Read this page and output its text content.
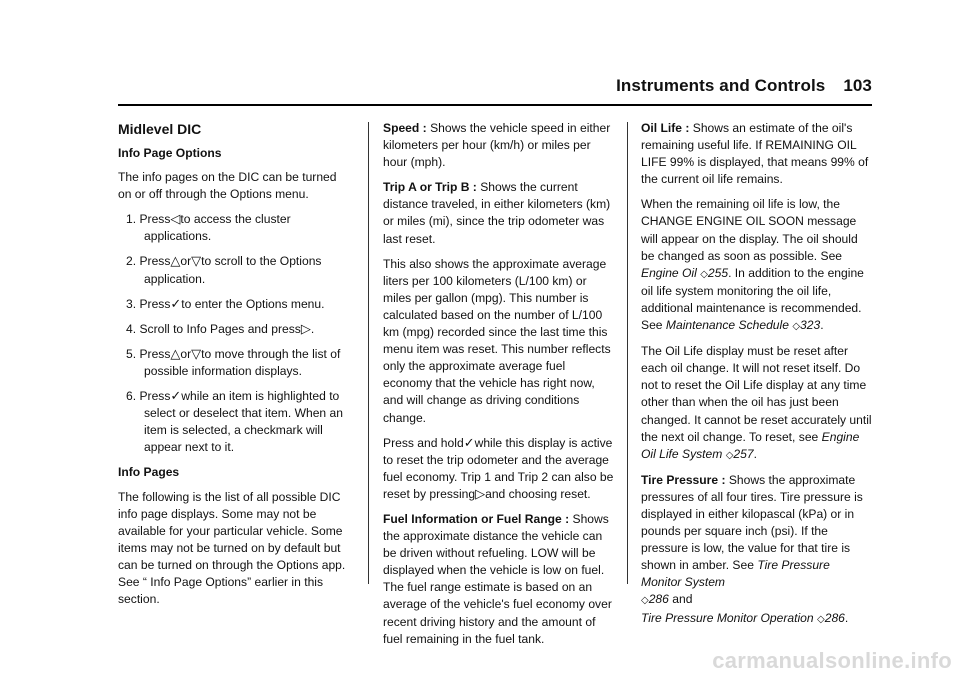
Instruments and Controls 103
Midlevel DIC
Info Page Options

The info pages on the DIC can be turned on or off through the Options menu.

1. Press◁to access the cluster applications.
2. Press△or▽to scroll to the Options application.
3. Press✓to enter the Options menu.
4. Scroll to Info Pages and press▷.
5. Press△or▽to move through the list of possible information displays.
6. Press✓while an item is highlighted to select or deselect that item. When an item is selected, a checkmark will appear next to it.
Info Pages

The following is the list of all possible DIC info page displays. Some may not be available for your particular vehicle. Some items may not be turned on by default but can be turned on through the Options app. See “ Info Page Options” earlier in this section.

Speed : Shows the vehicle speed in either kilometers per hour (km/h) or miles per hour (mph).

Trip A or Trip B : Shows the current distance traveled, in either kilometers (km) or miles (mi), since the trip odometer was last reset.

This also shows the approximate average liters per 100 kilometers (L/100 km) or miles per gallon (mpg). This number is calculated based on the number of L/100 km (mpg) recorded since the last time this menu item was reset. This number reflects only the approximate average fuel economy that the vehicle has right now, and will change as driving conditions change.

Press and hold✓while this display is active to reset the trip odometer and the average fuel economy. Trip 1 and Trip 2 can also be reset by pressing▷and choosing reset.

Fuel Information or Fuel Range : Shows the approximate distance the vehicle can be driven without refueling. LOW will be displayed when the vehicle is low on fuel. The fuel range estimate is based on an average of the vehicle's fuel economy over recent driving history and the amount of fuel remaining in the fuel tank.

Oil Life : Shows an estimate of the oil's remaining useful life. If REMAINING OIL LIFE 99% is displayed, that means 99% of the current oil life remains.

When the remaining oil life is low, the CHANGE ENGINE OIL SOON message will appear on the display. The oil should be changed as soon as possible. See Engine Oil ◇255. In addition to the engine oil life system monitoring the oil life, additional maintenance is recommended. See Maintenance Schedule ◇323.

The Oil Life display must be reset after each oil change. It will not reset itself. Do not to reset the Oil Life display at any time other than when the oil has just been changed. It cannot be reset accurately until the next oil change. To reset, see Engine Oil Life System ◇257.

Tire Pressure : Shows the approximate pressures of all four tires. Tire pressure is displayed in either kilopascal (kPa) or in pounds per square inch (psi). If the pressure is low, the value for that tire is shown in amber. See Tire Pressure Monitor System
◇286 and
Tire Pressure Monitor Operation ◇286.

carmanualsonline.info
